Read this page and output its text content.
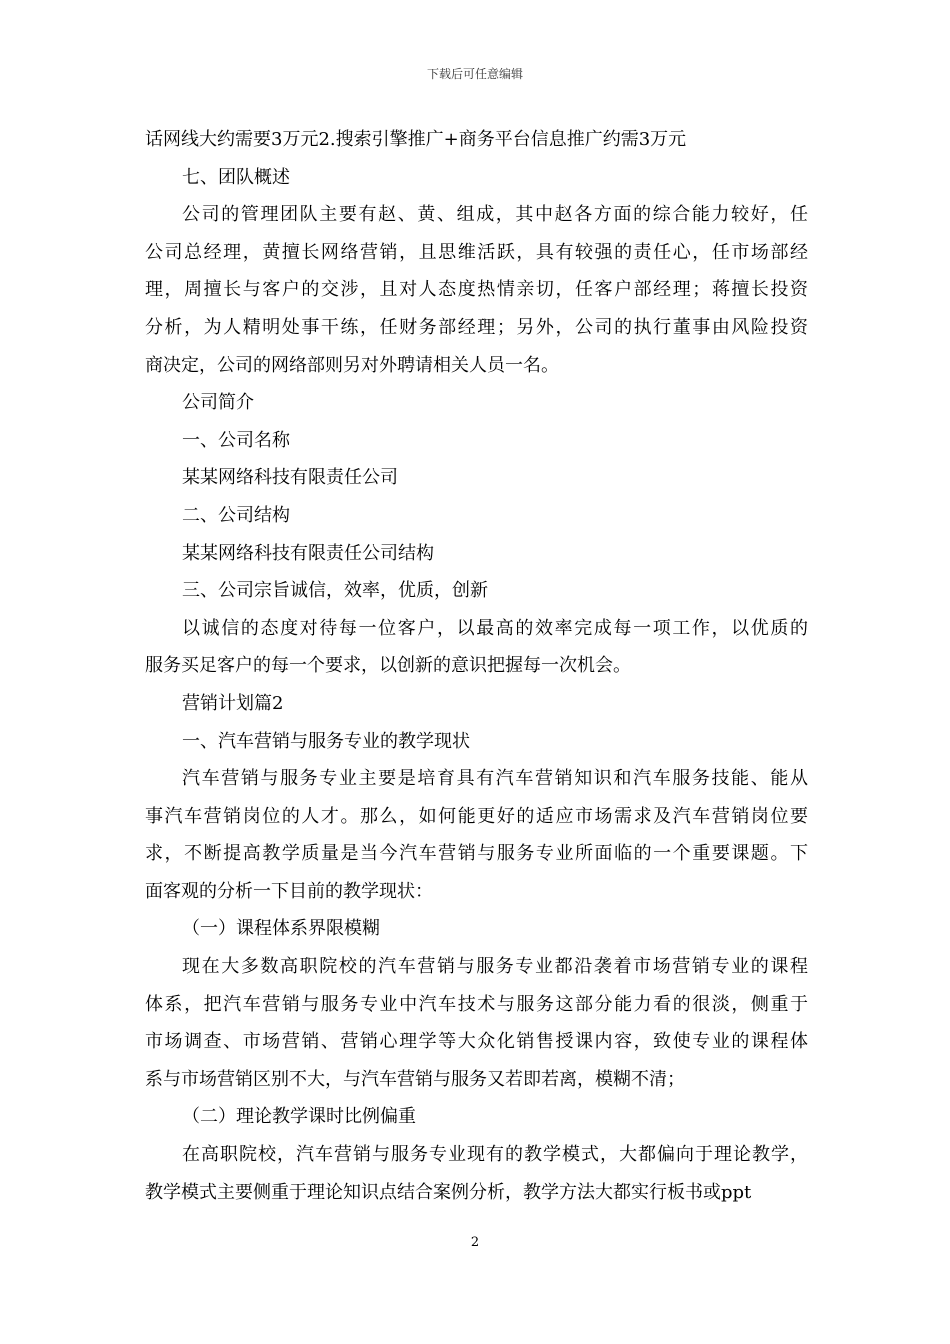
下载后可任意编辑

话网线大约需要3万元2.搜索引擎推广+商务平台信息推广约需3万元

七、团队概述

公司的管理团队主要有赵、黄、组成，其中赵各方面的综合能力较好，任

公司总经理，黄擅长网络营销，且思维活跃，具有较强的责任心，任市场部经

理，周擅长与客户的交涉，且对人态度热情亲切，任客户部经理；蒋擅长投资

分析，为人精明处事干练，任财务部经理；另外，公司的执行董事由风险投资

商决定，公司的网络部则另对外聘请相关人员一名。

公司简介

一、公司名称

某某网络科技有限责任公司

二、公司结构

某某网络科技有限责任公司结构

三、公司宗旨诚信，效率，优质，创新

以诚信的态度对待每一位客户，以最高的效率完成每一项工作，以优质的

服务买足客户的每一个要求，以创新的意识把握每一次机会。

营销计划篇2

一、汽车营销与服务专业的教学现状

汽车营销与服务专业主要是培育具有汽车营销知识和汽车服务技能、能从

事汽车营销岗位的人才。那么，如何能更好的适应市场需求及汽车营销岗位要

求，不断提高教学质量是当今汽车营销与服务专业所面临的一个重要课题。下

面客观的分析一下目前的教学现状：

（一）课程体系界限模糊

现在大多数高职院校的汽车营销与服务专业都沿袭着市场营销专业的课程

体系，把汽车营销与服务专业中汽车技术与服务这部分能力看的很淡，侧重于

市场调查、市场营销、营销心理学等大众化销售授课内容，致使专业的课程体

系与市场营销区别不大，与汽车营销与服务又若即若离，模糊不清；

（二）理论教学课时比例偏重

在高职院校，汽车营销与服务专业现有的教学模式，大都偏向于理论教学，

教学模式主要侧重于理论知识点结合案例分析，教学方法大都实行板书或ppt

2
